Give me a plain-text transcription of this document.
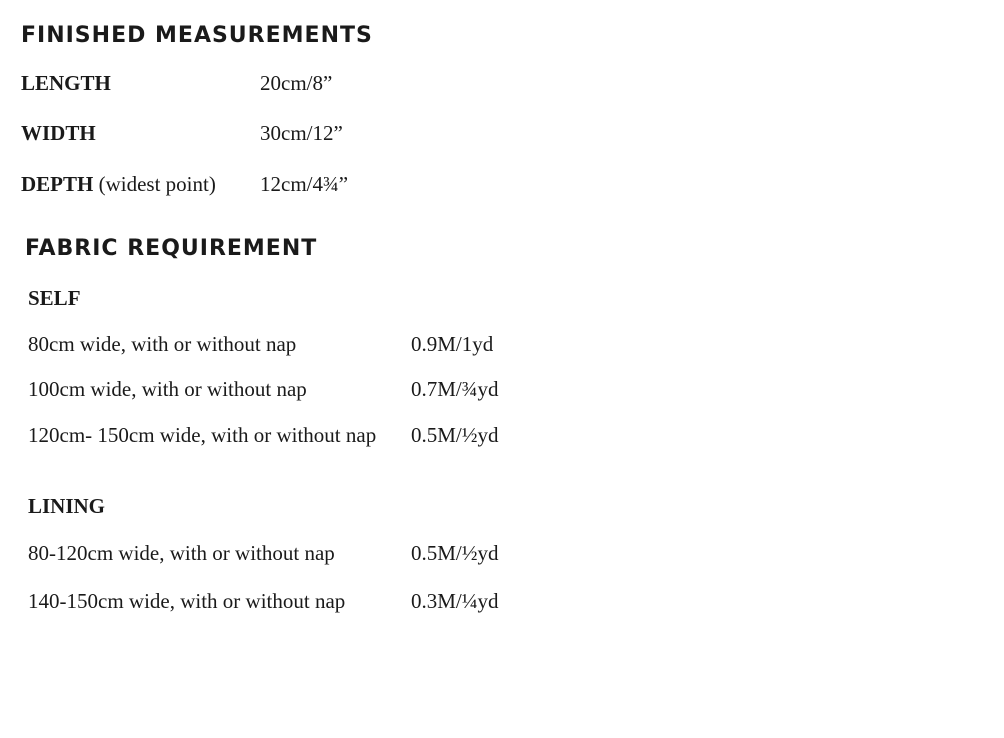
FINISHED MEASUREMENTS
LENGTH	20cm/8”
WIDTH	30cm/12”
DEPTH (widest point) 12cm/4¾”
FABRIC REQUIREMENT
SELF
80cm wide, with or without nap	0.9M/1yd
100cm wide, with or without nap	0.7M/¾yd
120cm- 150cm wide, with or without nap 0.5M/½yd
LINING
80-120cm wide, with or without nap	0.5M/½yd
140-150cm wide, with or without nap	0.3M/¼yd
